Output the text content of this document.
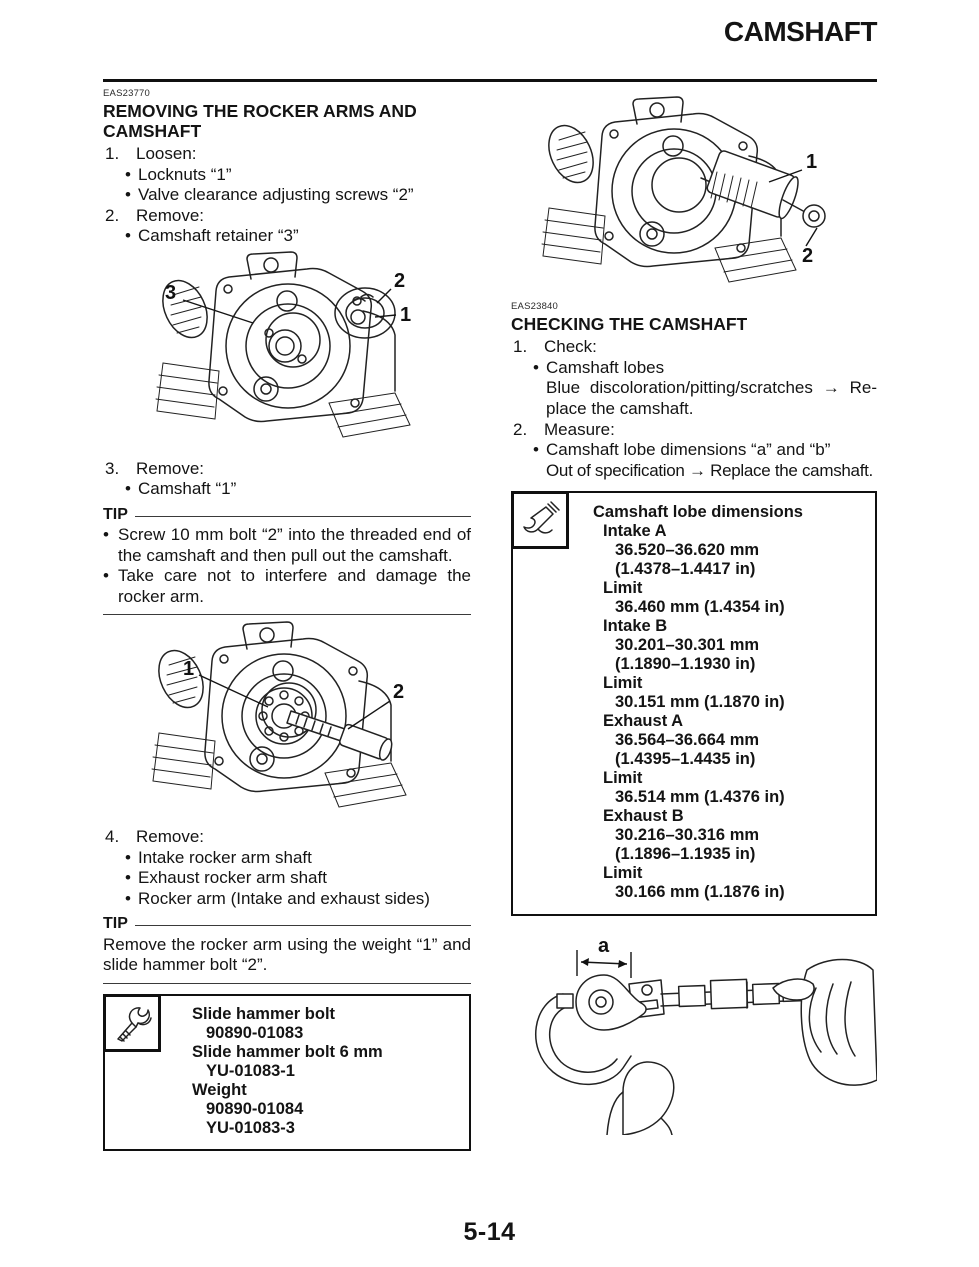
CAMSHAFT
EAS23770
REMOVING THE ROCKER ARMS AND CAMSHAFT
1. Loosen:
•
Locknuts “1”
•
Valve clearance adjusting screws “2”
2. Remove:
•
Camshaft retainer “3”
3
2
1
3. Remove:
•
Camshaft “1”
TIP
•
Screw 10 mm bolt “2” into the threaded end of the camshaft and then pull out the camshaft.
•
Take care not to interfere and damage the rocker arm.
1
2
4. Remove:
•
Intake rocker arm shaft
•
Exhaust rocker arm shaft
•
Rocker arm (Intake and exhaust sides)
TIP
Remove the rocker arm using the weight “1” and slide hammer bolt “2”.
Slide hammer bolt
90890-01083
Slide hammer bolt 6 mm
YU-01083-1
Weight
90890-01084
YU-01083-3
1
2
EAS23840
CHECKING THE CAMSHAFT
1. Check:
•
Camshaft lobes
Blue discoloration/pitting/scratches → Re-
place the camshaft.
2. Measure:
•
Camshaft lobe dimensions “a” and “b”
Out of specification → Replace the camshaft.
Camshaft lobe dimensions
Intake A
36.520–36.620 mm
(1.4378–1.4417 in)
Limit
36.460 mm (1.4354 in)
Intake B
30.201–30.301 mm
(1.1890–1.1930 in)
Limit
30.151 mm (1.1870 in)
Exhaust A
36.564–36.664 mm
(1.4395–1.4435 in)
Limit
36.514 mm (1.4376 in)
Exhaust B
30.216–30.316 mm
(1.1896–1.1935 in)
Limit
30.166 mm (1.1876 in)
a
5-14
